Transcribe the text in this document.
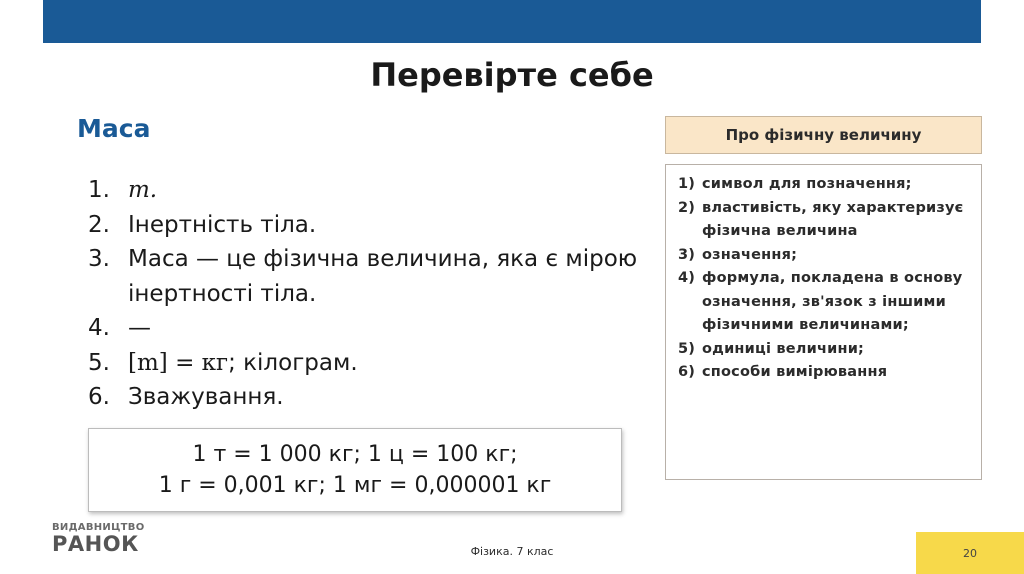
Перевірте себе
Маса
1. m.
2. Інертність тіла.
3. Маса — це фізична величина, яка є мірою інертності тіла.
4. —
5. [m] = кг; кілограм.
6. Зважування.
1 т = 1 000 кг; 1 ц = 100 кг;
1 г = 0,001 кг; 1 мг = 0,000001 кг
Про фізичну величину
1) символ для позначення;
2) властивість, яку характеризує фізична величина
3) означення;
4) формула, покладена в основу означення, зв'язок з іншими фізичними величинами;
5) одиниці величини;
6) способи вимірювання
ВИДАВНИЦТВО
РАНОК	Фізика. 7 клас	20
